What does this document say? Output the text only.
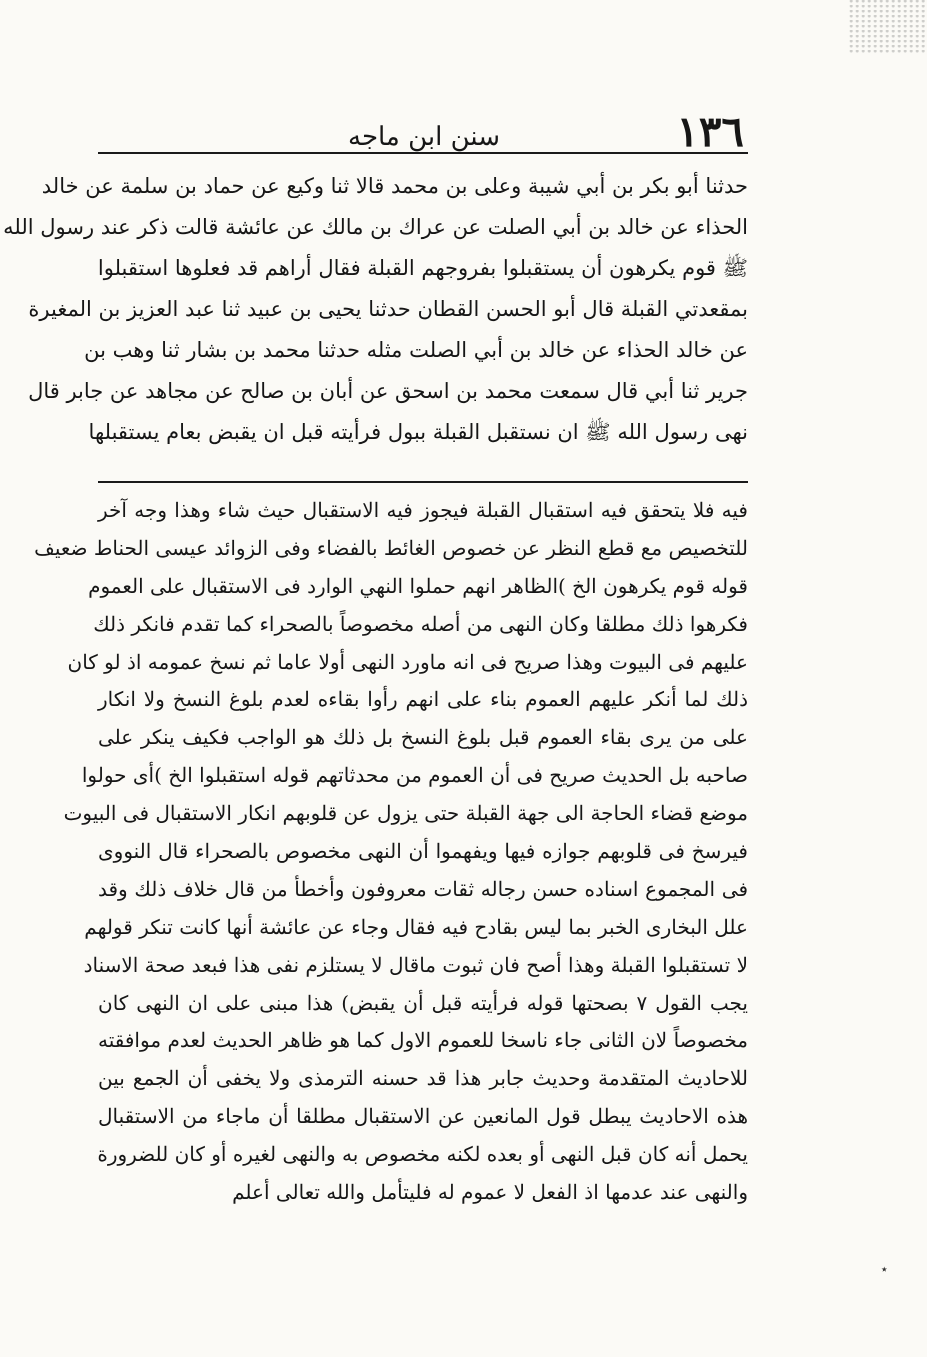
١٣٦
سنن ابن ماجه
حدثنا أبو بكر بن أبي شيبة وعلى بن محمد قالا ثنا وكيع عن حماد بن سلمة عن خالد
الحذاء عن خالد بن أبي الصلت عن عراك بن مالك عن عائشة قالت ذكر عند رسول الله
ﷺ قوم يكرهون أن يستقبلوا بفروجهم القبلة فقال أراهم قد فعلوها استقبلوا
بمقعدتي القبلة قال أبو الحسن القطان حدثنا يحيى بن عبيد ثنا عبد العزيز بن المغيرة
عن خالد الحذاء عن خالد بن أبي الصلت مثله حدثنا محمد بن بشار ثنا وهب بن
جرير ثنا أبي قال سمعت محمد بن اسحق عن أبان بن صالح عن مجاهد عن جابر قال
نهى رسول الله ﷺ ان نستقبل القبلة ببول فرأيته قبل ان يقبض بعام يستقبلها
فيه فلا يتحقق فيه استقبال القبلة فيجوز فيه الاستقبال حيث شاء وهذا وجه آخر
للتخصيص مع قطع النظر عن خصوص الغائط بالفضاء وفى الزوائد عيسى الحناط ضعيف
قوله قوم يكرهون الخ )الظاهر انهم حملوا النهي الوارد فى الاستقبال على العموم
فكرهوا ذلك مطلقا وكان النهى من أصله مخصوصاً بالصحراء كما تقدم فانكر ذلك
عليهم فى البيوت وهذا صريح فى انه ماورد النهى أولا عاما ثم نسخ عمومه اذ لو كان
ذلك لما أنكر عليهم العموم بناء على انهم رأوا بقاءه لعدم بلوغ النسخ ولا انكار
على من يرى بقاء العموم قبل بلوغ النسخ بل ذلك هو الواجب فكيف ينكر على
صاحبه بل الحديث صريح فى أن العموم من محدثاتهم قوله استقبلوا الخ )أى حولوا
موضع قضاء الحاجة الى جهة القبلة حتى يزول عن قلوبهم انكار الاستقبال فى البيوت
فيرسخ فى قلوبهم جوازه فيها ويفهموا أن النهى مخصوص بالصحراء قال النووى
فى المجموع اسناده حسن رجاله ثقات معروفون وأخطأ من قال خلاف ذلك وقد
علل البخارى الخبر بما ليس بقادح فيه فقال وجاء عن عائشة أنها كانت تنكر قولهم
لا تستقبلوا القبلة وهذا أصح فان ثبوت ماقال لا يستلزم نفى هذا فبعد صحة الاسناد
يجب القول ٧ بصحتها قوله فرأيته قبل أن يقبض) هذا مبنى على ان النهى كان
مخصوصاً لان الثانى جاء ناسخا للعموم الاول كما هو ظاهر الحديث لعدم موافقته
للاحاديث المتقدمة وحديث جابر هذا قد حسنه الترمذى ولا يخفى أن الجمع بين
هذه الاحاديث يبطل قول المانعين عن الاستقبال مطلقا أن ماجاء من الاستقبال
يحمل أنه كان قبل النهى أو بعده لكنه مخصوص به والنهى لغيره أو كان للضرورة
والنهى عند عدمها اذ الفعل لا عموم له فليتأمل والله تعالى أعلم
٭
